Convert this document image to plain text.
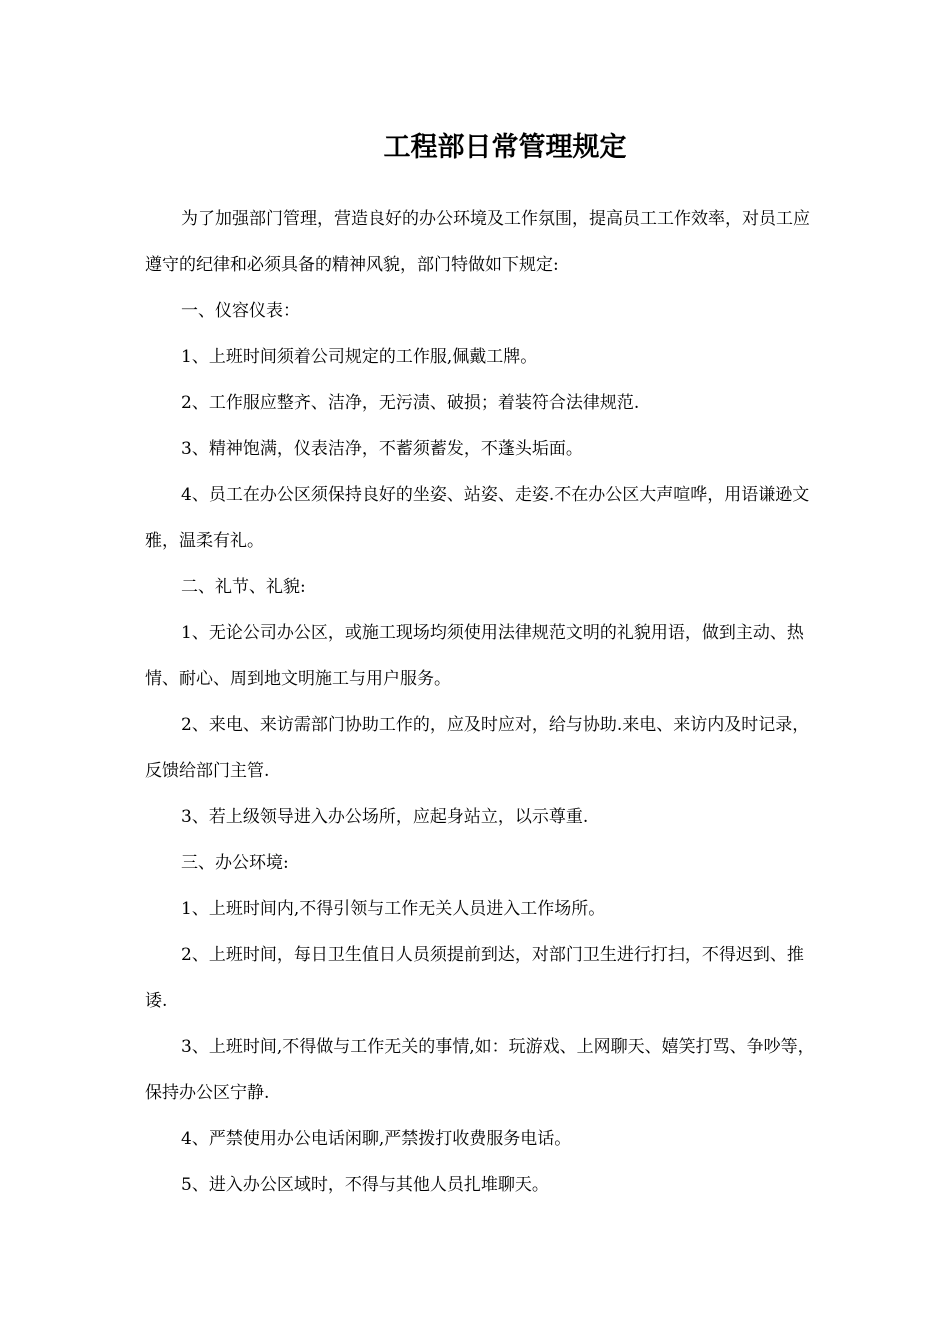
工程部日常管理规定

为了加强部门管理，营造良好的办公环境及工作氛围，提高员工工作效率，对员工应遵守的纪律和必须具备的精神风貌，部门特做如下规定:

一、仪容仪表：

1、上班时间须着公司规定的工作服,佩戴工牌。

2、工作服应整齐、洁净，无污渍、破损；着装符合法律规范.

3、精神饱满，仪表洁净，不蓄须蓄发，不蓬头垢面。

4、员工在办公区须保持良好的坐姿、站姿、走姿.不在办公区大声喧哗，用语谦逊文雅，温柔有礼。

二、礼节、礼貌:

1、无论公司办公区，或施工现场均须使用法律规范文明的礼貌用语，做到主动、热情、耐心、周到地文明施工与用户服务。

2、来电、来访需部门协助工作的，应及时应对，给与协助.来电、来访内及时记录，反馈给部门主管.

3、若上级领导进入办公场所，应起身站立，以示尊重.

三、办公环境:

1、上班时间内,不得引领与工作无关人员进入工作场所。

2、上班时间，每日卫生值日人员须提前到达，对部门卫生进行打扫，不得迟到、推诿.

3、上班时间,不得做与工作无关的事情,如：玩游戏、上网聊天、嬉笑打骂、争吵等，保持办公区宁静.

4、严禁使用办公电话闲聊,严禁拨打收费服务电话。

5、进入办公区域时，不得与其他人员扎堆聊天。
